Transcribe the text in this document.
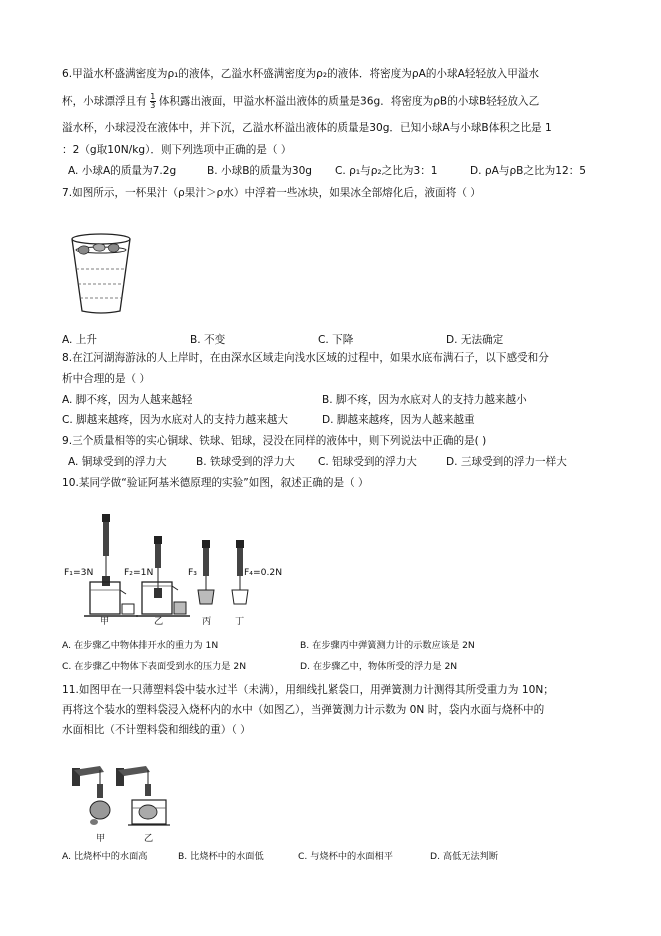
6.甲溢水杯盛满密度为ρ₁的液体，乙溢水杯盛满密度为ρ₂的液体．将密度为ρA的小球A轻轻放入甲溢水
杯，小球漂浮且有 $\frac{1}{3}$ 体积露出液面，甲溢水杯溢出液体的质量是36g．将密度为ρB的小球B轻轻放入乙
溢水杯，小球浸没在液体中，并下沉，乙溢水杯溢出液体的质量是30g．已知小球A与小球B体积之比是 1
：2（g取10N/kg）．则下列选项中正确的是（ ）
A. 小球A的质量为7.2g	B. 小球B的质量为30g C. ρ₁与ρ₂之比为3：1	D. ρA与ρB之比为12：5
7.如图所示，一杯果汁（ρ果汁＞ρ水）中浮着一些冰块，如果冰全部熔化后，液面将（ ）
A. 上升	B. 不变	C. 下降	D. 无法确定
8.在江河湖海游泳的人上岸时，在由深水区域走向浅水区域的过程中，如果水底布满石子，以下感受和分
析中合理的是（ ）
A. 脚不疼，因为人越来越轻	B. 脚不疼，因为水底对人的支持力越来越小
C. 脚越来越疼，因为水底对人的支持力越来越大	D. 脚越来越疼，因为人越来越重
9.三个质量相等的实心铜球、铁球、铝球，浸没在同样的液体中，则下列说法中正确的是( )
A. 铜球受到的浮力大	B. 铁球受到的浮力大 C. 铝球受到的浮力大	D. 三球受到的浮力一样大
10.某同学做“验证阿基米德原理的实验”如图，叙述正确的是（ ）
F₁=3N	F₂=1N	F₃	F₄=0.2N
甲	乙	丙	丁
A. 在步骤乙中物体排开水的重力为 1N	B. 在步骤丙中弹簧测力计的示数应该是 2N
C. 在步骤乙中物体下表面受到水的压力是 2N	D. 在步骤乙中，物体所受的浮力是 2N
11.如图甲在一只薄塑料袋中装水过半（未满），用细线扎紧袋口，用弹簧测力计测得其所受重力为 10N；
再将这个装水的塑料袋浸入烧杯内的水中（如图乙），当弹簧测力计示数为 0N 时，袋内水面与烧杯中的
水面相比（不计塑料袋和细线的重）（ ）
甲	乙
A. 比烧杯中的水面高	B. 比烧杯中的水面低	C. 与烧杯中的水面相平	D. 高低无法判断
